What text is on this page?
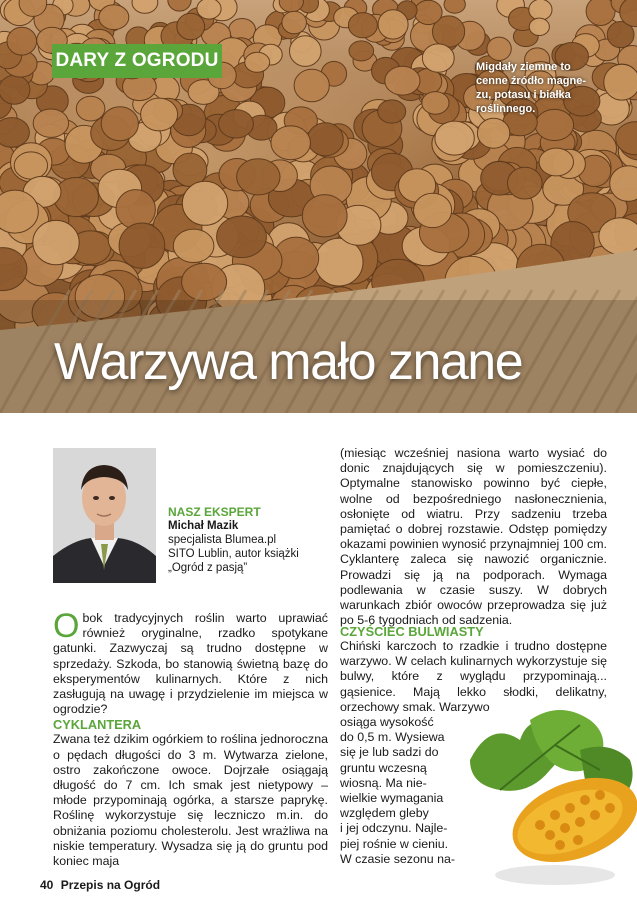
DARY Z OGRODU	Migdały ziemne to
cenne źródło magne-
zu, potasu i białka
roślinnego.
Warzywa mało znane
NASZ EKSPERT
Michał Mazik
specjalista Blumea.pl
SITO Lublin, autor książki
„Ogród z pasją”

Obok tradycyjnych roślin warto uprawiać również oryginalne, rzadko spotykane gatunki. Zazwyczaj są trudno dostępne w sprzedaży. Szkoda, bo stanowią świetną bazę do eksperymentów kulinarnych. Które z nich zasługują na uwagę i przydzielenie im miejsca w ogrodzie?

CYKLANTERA

Zwana też dzikim ogórkiem to roślina jednoroczna o pędach długości do 3 m. Wytwarza zielone, ostro zakończone owoce. Dojrzałe osiągają długość do 7 cm. Ich smak jest nietypowy – młode przypominają ogórka, a starsze paprykę. Roślinę wykorzystuje się leczniczo m.in. do obniżania poziomu cholesterolu. Jest wrażliwa na niskie temperatury. Wysadza się ją do gruntu pod koniec maja

(miesiąc wcześniej nasiona warto wysiać do donic znajdujących się w pomieszczeniu). Optymalne stanowisko powinno być ciepłe, wolne od bezpośredniego nasłonecznienia, osłonięte od wiatru. Przy sadzeniu trzeba pamiętać o dobrej rozstawie. Odstęp pomiędzy okazami powinien wynosić przynajmniej 100 cm. Cyklanterę zaleca się nawozić organicznie. Prowadzi się ją na podporach. Wymaga podlewania w czasie suszy. W dobrych warunkach zbiór owoców przeprowadza się już po 5-6 tygodniach od sadzenia.

CZYŚCIEC BULWIASTY

Chiński karczoch to rzadkie i trudno dostępne warzywo. W celach kulinarnych wykorzystuje się bulwy, które z wyglądu przypominają... gąsienice. Mają lekko słodki, delikatny, orzechowy smak. Warzywo

osiąga wysokość
do 0,5 m. Wysiewa
się je lub sadzi do
gruntu wczesną
wiosną. Ma nie-
wielkie wymagania
względem gleby
i jej odczynu. Najle-
piej rośnie w cieniu.
W czasie sezonu na-
40 Przepis na Ogród
